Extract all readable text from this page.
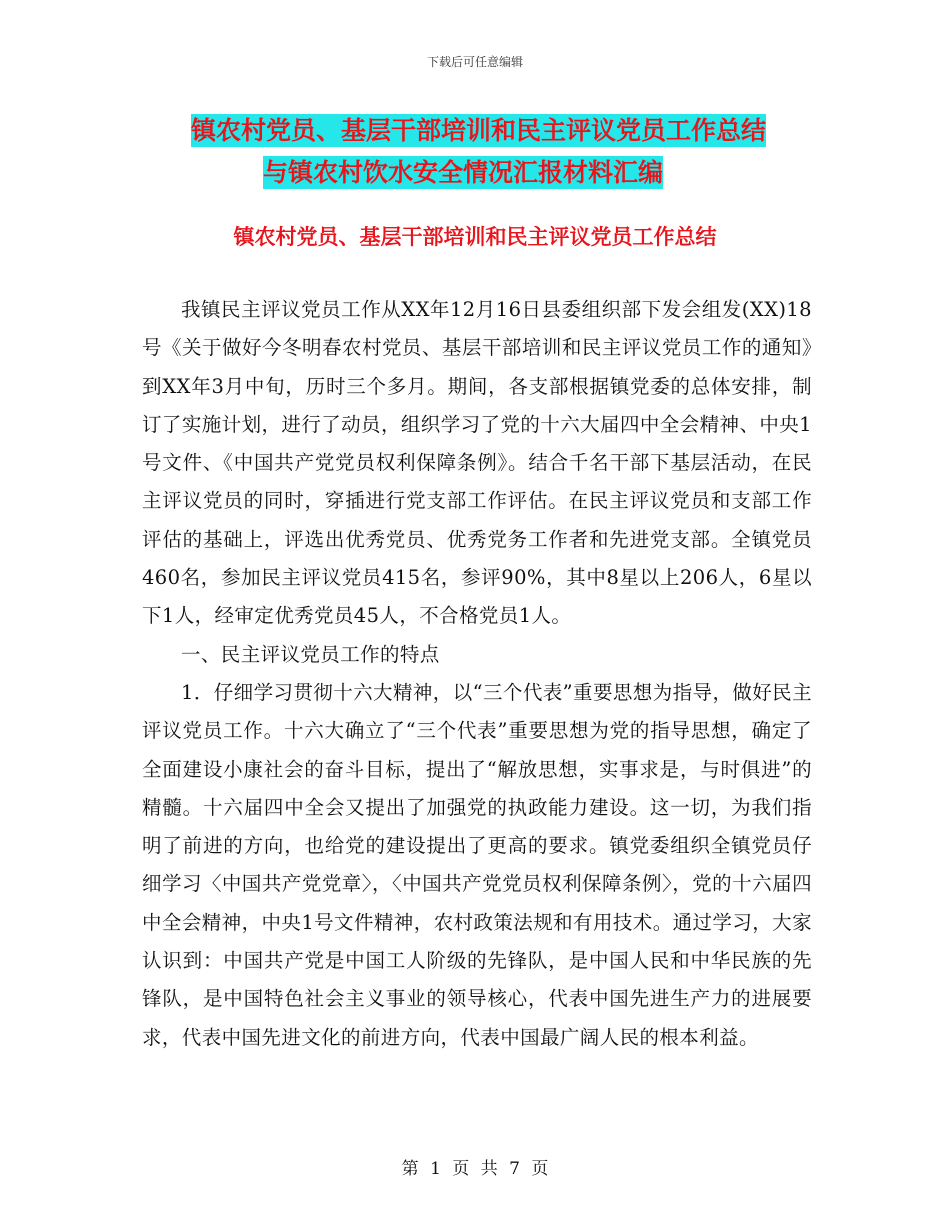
下载后可任意编辑
镇农村党员、基层干部培训和民主评议党员工作总结
与镇农村饮水安全情况汇报材料汇编
镇农村党员、基层干部培训和民主评议党员工作总结

我镇民主评议党员工作从XX年12月16日县委组织部下发会组发(XX)18号《关于做好今冬明春农村党员、基层干部培训和民主评议党员工作的通知》到XX年3月中旬，历时三个多月。期间，各支部根据镇党委的总体安排，制订了实施计划，进行了动员，组织学习了党的十六大届四中全会精神、中央1号文件、《中国共产党党员权利保障条例》。结合千名干部下基层活动，在民主评议党员的同时，穿插进行党支部工作评估。在民主评议党员和支部工作评估的基础上，评选出优秀党员、优秀党务工作者和先进党支部。全镇党员460名，参加民主评议党员415名，参评90%，其中8星以上206人，6星以下1人，经审定优秀党员45人，不合格党员1人。

一、民主评议党员工作的特点

1．仔细学习贯彻十六大精神，以“三个代表”重要思想为指导，做好民主评议党员工作。十六大确立了“三个代表”重要思想为党的指导思想，确定了全面建设小康社会的奋斗目标，提出了“解放思想，实事求是，与时俱进”的精髓。十六届四中全会又提出了加强党的执政能力建设。这一切，为我们指明了前进的方向，也给党的建设提出了更高的要求。镇党委组织全镇党员仔细学习〈中国共产党党章〉，〈中国共产党党员权利保障条例〉，党的十六届四中全会精神，中央1号文件精神，农村政策法规和有用技术。通过学习，大家认识到：中国共产党是中国工人阶级的先锋队，是中国人民和中华民族的先锋队，是中国特色社会主义事业的领导核心，代表中国先进生产力的进展要求，代表中国先进文化的前进方向，代表中国最广阔人民的根本利益。

第 1 页 共 7 页
